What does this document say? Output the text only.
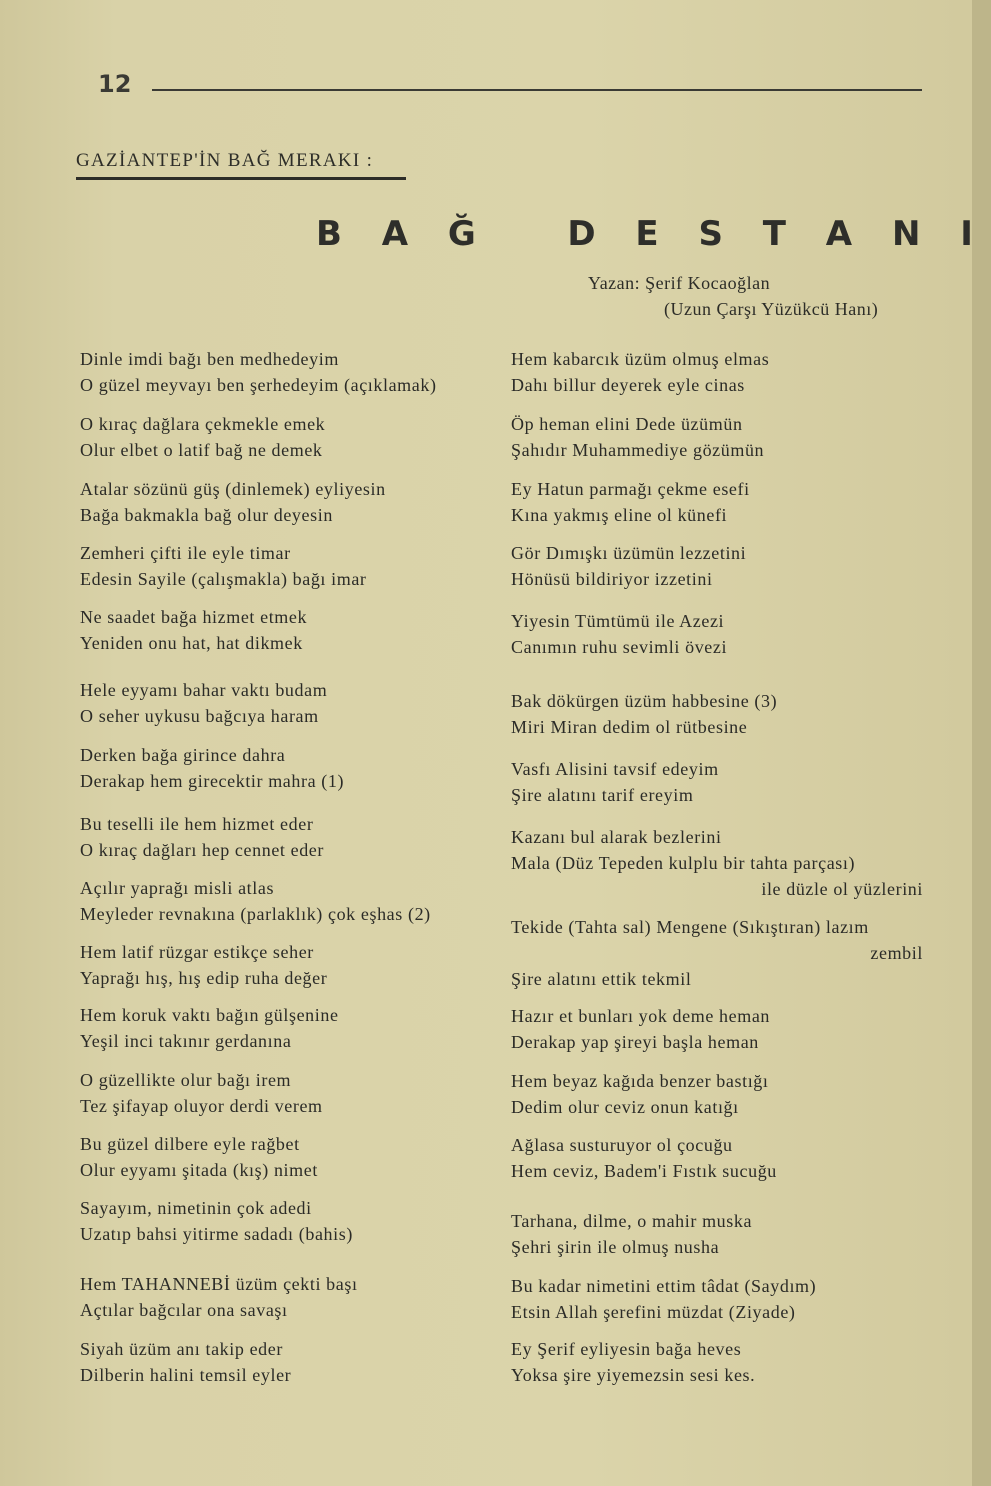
12
GAZİANTEP'İN BAĞ MERAKI :
B A Ğ   D E S T A N I
Yazan: Şerif Kocaoğlan
(Uzun Çarşı Yüzükcü Hanı)
Dinle imdi bağı ben medhedeyim
O güzel meyvayı ben şerhedeyim (açıklamak)
O kıraç dağlara çekmekle emek
Olur elbet o latif bağ ne demek
Atalar sözünü güş (dinlemek) eyliyesin
Bağa bakmakla bağ olur deyesin
Zemheri çifti ile eyle timar
Edesin Sayile (çalışmakla) bağı imar
Ne saadet bağa hizmet etmek
Yeniden onu hat, hat dikmek
Hele eyyamı bahar vaktı budam
O seher uykusu bağcıya haram
Derken bağa girince dahra
Derakap hem girecektir mahra (1)
Bu teselli ile hem hizmet eder
O kıraç dağları hep cennet eder
Açılır yaprağı misli atlas
Meyleder revnakına (parlaklık) çok eşhas (2)
Hem latif rüzgar estikçe seher
Yaprağı hış, hış edip ruha değer
Hem koruk vaktı bağın gülşenine
Yeşil inci takınır gerdanına
O güzellikte olur bağı irem
Tez şifayap oluyor derdi verem
Bu güzel dilbere eyle rağbet
Olur eyyamı şitada (kış) nimet
Sayayım, nimetinin çok adedi
Uzatıp bahsi yitirme sadadı (bahis)
Hem TAHANNEBİ üzüm çekti başı
Açtılar bağcılar ona savaşı
Siyah üzüm anı takip eder
Dilberin halini temsil eyler
Hem kabarcık üzüm olmuş elmas
Dahı billur deyerek eyle cinas
Öp heman elini Dede üzümün
Şahıdır Muhammediye gözümün
Ey Hatun parmağı çekme esefi
Kına yakmış eline ol künefi
Gör Dımışkı üzümün lezzetini
Hönüsü bildiriyor izzetini
Yiyesin Tümtümü ile Azezi
Canımın ruhu sevimli övezi
Bak dökürgen üzüm habbesine (3)
Miri Miran dedim ol rütbesine
Vasfı Alisini tavsif edeyim
Şire alatını tarif ereyim
Kazanı bul alarak bezlerini
Mala (Düz Tepeden kulplu bir tahta parçası)
ile düzle ol yüzlerini
Tekide (Tahta sal) Mengene (Sıkıştıran) lazım
zembil
Şire alatını ettik tekmil
Hazır et bunları yok deme heman
Derakap yap şireyi başla heman
Hem beyaz kağıda benzer bastığı
Dedim olur ceviz onun katığı
Ağlasa susturuyor ol çocuğu
Hem ceviz, Badem'i Fıstık sucuğu
Tarhana, dilme, o mahir muska
Şehri şirin ile olmuş nusha
Bu kadar nimetini ettim tâdat (Saydım)
Etsin Allah şerefini müzdat (Ziyade)
Ey Şerif eyliyesin bağa heves
Yoksa şire yiyemezsin sesi kes.
